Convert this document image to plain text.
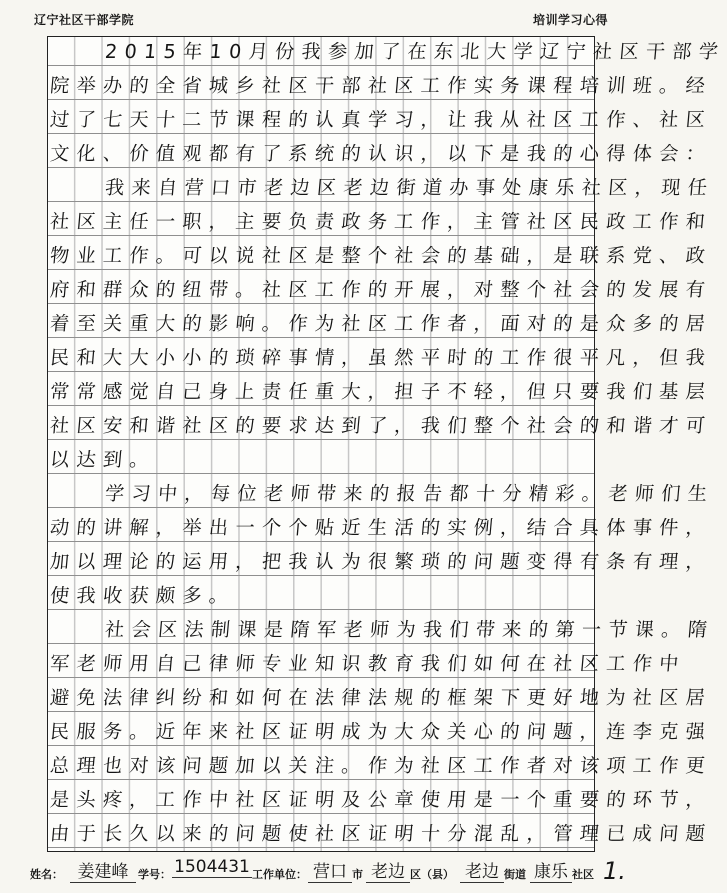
辽宁社区干部学院	培训学习心得
2015年10月份我参加了在东北大学辽宁社区干部学
院举办的全省城乡社区干部社区工作实务课程培训班。经
过了七天十二节课程的认真学习，让我从社区工作、社区
文化、价值观都有了系统的认识，以下是我的心得体会：
我来自营口市老边区老边街道办事处康乐社区，现任
社区主任一职，主要负责政务工作，主管社区民政工作和
物业工作。可以说社区是整个社会的基础，是联系党、政
府和群众的纽带。社区工作的开展，对整个社会的发展有
着至关重大的影响。作为社区工作者，面对的是众多的居
民和大大小小的琐碎事情，虽然平时的工作很平凡，但我
常常感觉自己身上责任重大，担子不轻，但只要我们基层
社区安和谐社区的要求达到了，我们整个社会的和谐才可
以达到。
学习中，每位老师带来的报告都十分精彩。老师们生
动的讲解，举出一个个贴近生活的实例，结合具体事件，
加以理论的运用，把我认为很繁琐的问题变得有条有理，
使我收获颇多。
社会区法制课是隋军老师为我们带来的第一节课。隋
军老师用自己律师专业知识教育我们如何在社区工作中
避免法律纠纷和如何在法律法规的框架下更好地为社区居
民服务。近年来社区证明成为大众关心的问题，连李克强
总理也对该问题加以关注。作为社区工作者对该项工作更
是头疼，工作中社区证明及公章使用是一个重要的环节，
由于长久以来的问题使社区证明十分混乱，管理已成问题
姓名： 姜建峰 学号： 1504431 工作单位： 营口 市 老边 区（县） 老边 街道 康乐 社区 1.
